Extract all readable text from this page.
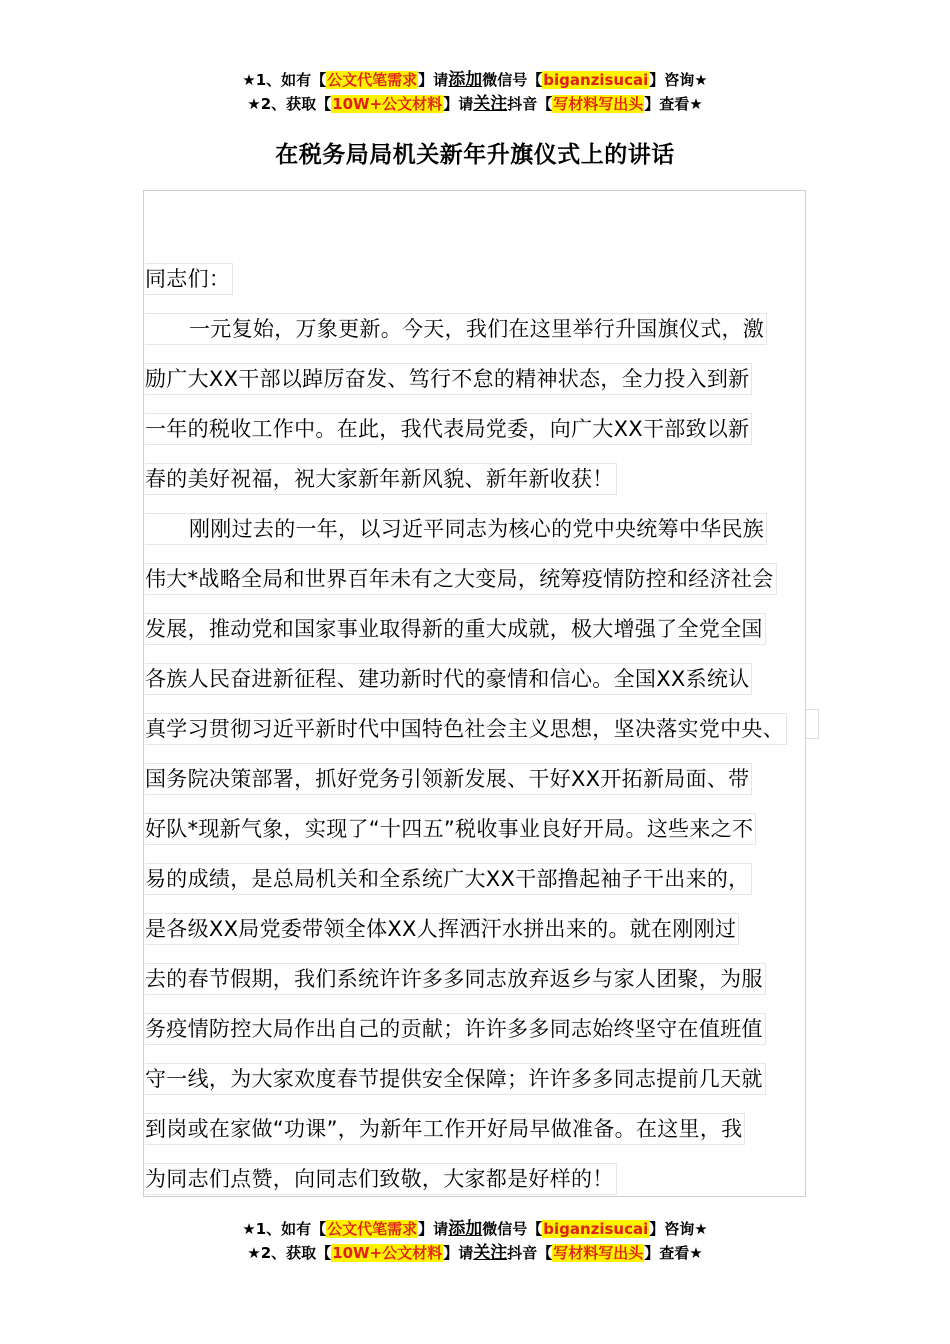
★1、如有【公文代笔需求】请添加微信号【biganzisucai】咨询★
★2、获取【10W+公文材料】请关注抖音【写材料写出头】查看★
在税务局局机关新年升旗仪式上的讲话
同志们：
一元复始，万象更新。今天，我们在这里举行升国旗仪式，激
励广大XX干部以踔厉奋发、笃行不怠的精神状态，全力投入到新
一年的税收工作中。在此，我代表局党委，向广大XX干部致以新
春的美好祝福，祝大家新年新风貌、新年新收获！
刚刚过去的一年，以习近平同志为核心的党中央统筹中华民族
伟大*战略全局和世界百年未有之大变局，统筹疫情防控和经济社会
发展，推动党和国家事业取得新的重大成就，极大增强了全党全国
各族人民奋进新征程、建功新时代的豪情和信心。全国XX系统认
真学习贯彻习近平新时代中国特色社会主义思想，坚决落实党中央、
国务院决策部署，抓好党务引领新发展、干好XX开拓新局面、带
好队*现新气象，实现了“十四五”税收事业良好开局。这些来之不
易的成绩，是总局机关和全系统广大XX干部撸起袖子干出来的，
是各级XX局党委带领全体XX人挥洒汗水拼出来的。就在刚刚过
去的春节假期，我们系统许许多多同志放弃返乡与家人团聚，为服
务疫情防控大局作出自己的贡献；许许多多同志始终坚守在值班值
守一线，为大家欢度春节提供安全保障；许许多多同志提前几天就
到岗或在家做“功课”，为新年工作开好局早做准备。在这里，我
为同志们点赞，向同志们致敬，大家都是好样的！
★1、如有【公文代笔需求】请添加微信号【biganzisucai】咨询★
★2、获取【10W+公文材料】请关注抖音【写材料写出头】查看★
